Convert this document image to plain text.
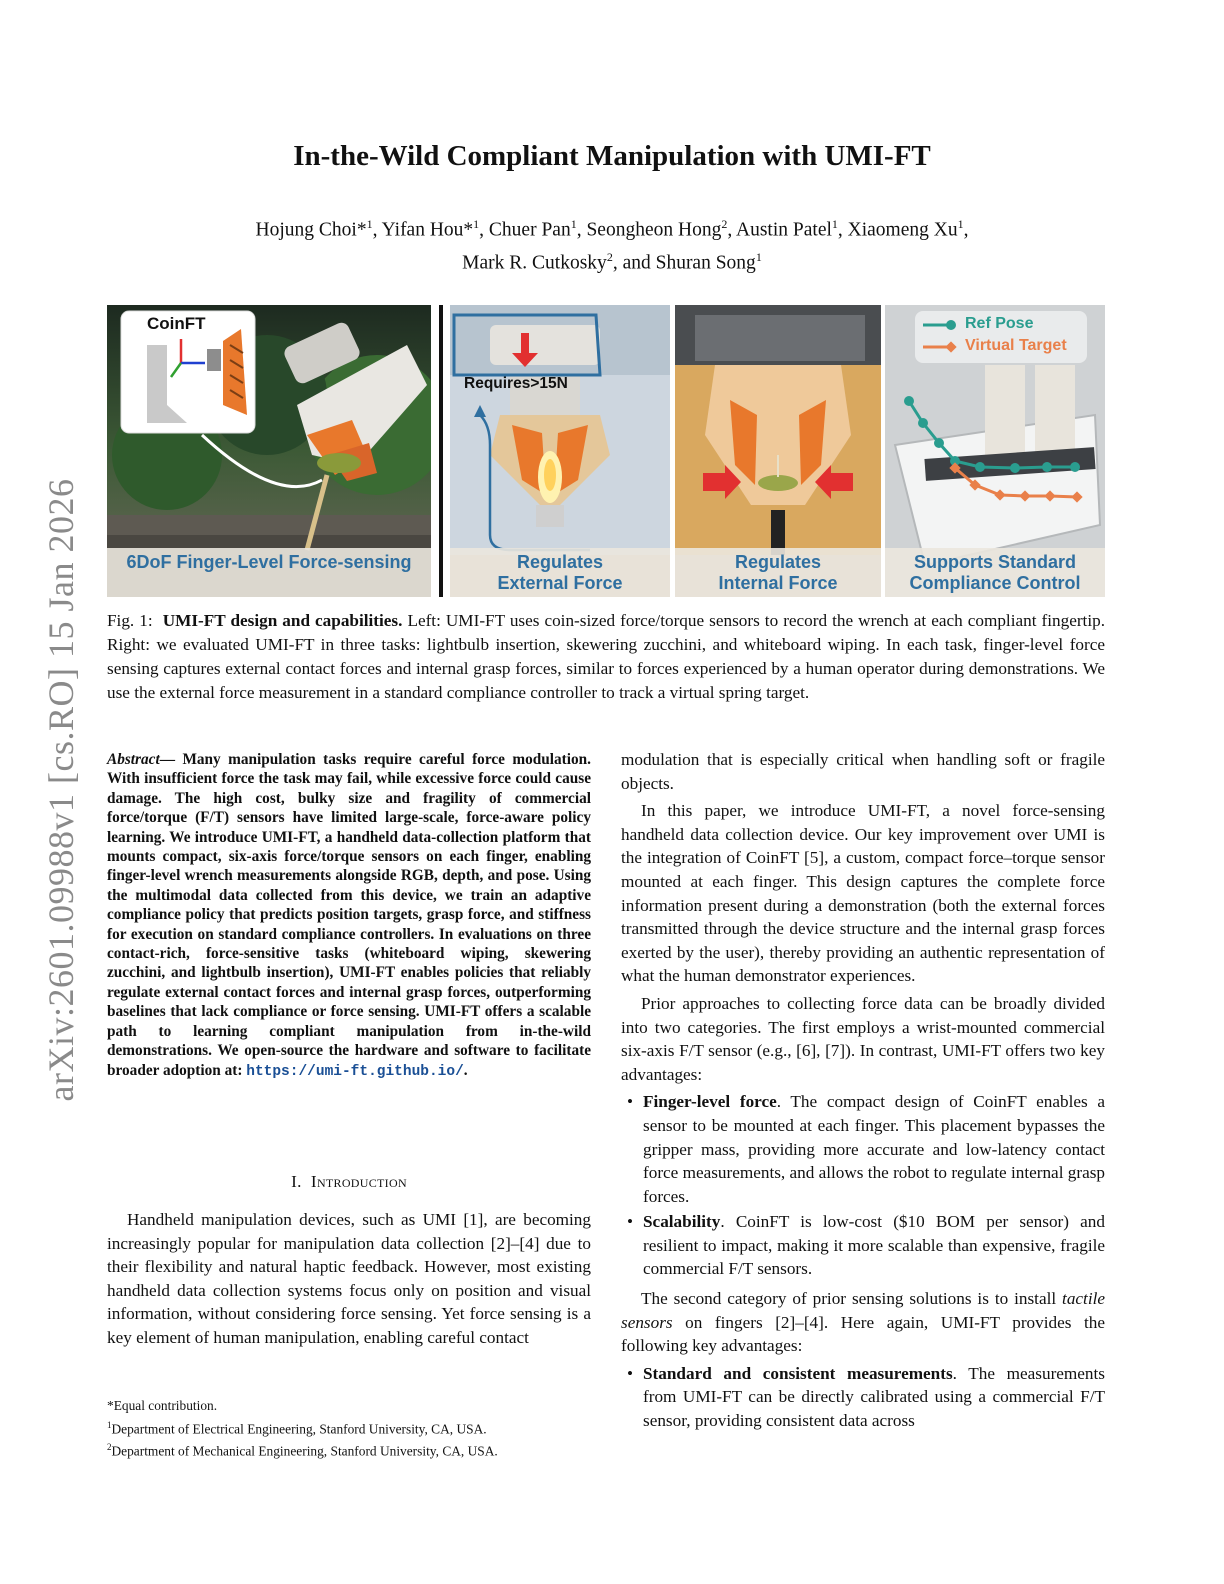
arXiv:2601.09988v1 [cs.RO] 15 Jan 2026
In-the-Wild Compliant Manipulation with UMI-FT
Hojung Choi*$^1$, Yifan Hou*$^1$, Chuer Pan$^1$, Seongheon Hong$^2$, Austin Patel$^1$, Xiaomeng Xu$^1$,
Mark R. Cutkosky$^2$, and Shuran Song$^1$
CoinFT
6DoF Finger-Level Force-sensing

Requires>15N
Regulates
External Force
Regulates
Internal Force
Ref Pose
Virtual Target
Supports Standard
Compliance Control
Fig. 1: UMI-FT design and capabilities. Left: UMI-FT uses coin-sized force/torque sensors to record the wrench at each compliant fingertip. Right: we evaluated UMI-FT in three tasks: lightbulb insertion, skewering zucchini, and whiteboard wiping. In each task, finger-level force sensing captures external contact forces and internal grasp forces, similar to forces experienced by a human operator during demonstrations. We use the external force measurement in a standard compliance controller to track a virtual spring target.
Abstract— Many manipulation tasks require careful force modulation. With insufficient force the task may fail, while excessive force could cause damage. The high cost, bulky size and fragility of commercial force/torque (F/T) sensors have limited large-scale, force-aware policy learning. We introduce UMI-FT, a handheld data-collection platform that mounts compact, six-axis force/torque sensors on each finger, enabling finger-level wrench measurements alongside RGB, depth, and pose. Using the multimodal data collected from this device, we train an adaptive compliance policy that predicts position targets, grasp force, and stiffness for execution on standard compliance controllers. In evaluations on three contact-rich, force-sensitive tasks (whiteboard wiping, skewering zucchini, and lightbulb insertion), UMI-FT enables policies that reliably regulate external contact forces and internal grasp forces, outperforming baselines that lack compliance or force sensing. UMI-FT offers a scalable path to learning compliant manipulation from in-the-wild demonstrations. We open-source the hardware and software to facilitate broader adoption at: https://umi-ft.github.io/.
I. Introduction

Handheld manipulation devices, such as UMI [1], are becoming increasingly popular for manipulation data collection [2]–[4] due to their flexibility and natural haptic feedback. However, most existing handheld data collection systems focus only on position and visual information, without considering force sensing. Yet force sensing is a key element of human manipulation, enabling careful contact

*Equal contribution.
$^1$Department of Electrical Engineering, Stanford University, CA, USA.
$^2$Department of Mechanical Engineering, Stanford University, CA, USA.

modulation that is especially critical when handling soft or fragile objects.

In this paper, we introduce UMI-FT, a novel force-sensing handheld data collection device. Our key improvement over UMI is the integration of CoinFT [5], a custom, compact force–torque sensor mounted at each finger. This design captures the complete force information present during a demonstration (both the external forces transmitted through the device structure and the internal grasp forces exerted by the user), thereby providing an authentic representation of what the human demonstrator experiences.

Prior approaches to collecting force data can be broadly divided into two categories. The first employs a wrist-mounted commercial six-axis F/T sensor (e.g., [6], [7]). In contrast, UMI-FT offers two key advantages:

• Finger-level force. The compact design of CoinFT enables a sensor to be mounted at each finger. This placement bypasses the gripper mass, providing more accurate and low-latency contact force measurements, and allows the robot to regulate internal grasp forces.
• Scalability. CoinFT is low-cost ($10 BOM per sensor) and resilient to impact, making it more scalable than expensive, fragile commercial F/T sensors.

The second category of prior sensing solutions is to install tactile sensors on fingers [2]–[4]. Here again, UMI-FT provides the following key advantages:

• Standard and consistent measurements. The measurements from UMI-FT can be directly calibrated using a commercial F/T sensor, providing consistent data across
